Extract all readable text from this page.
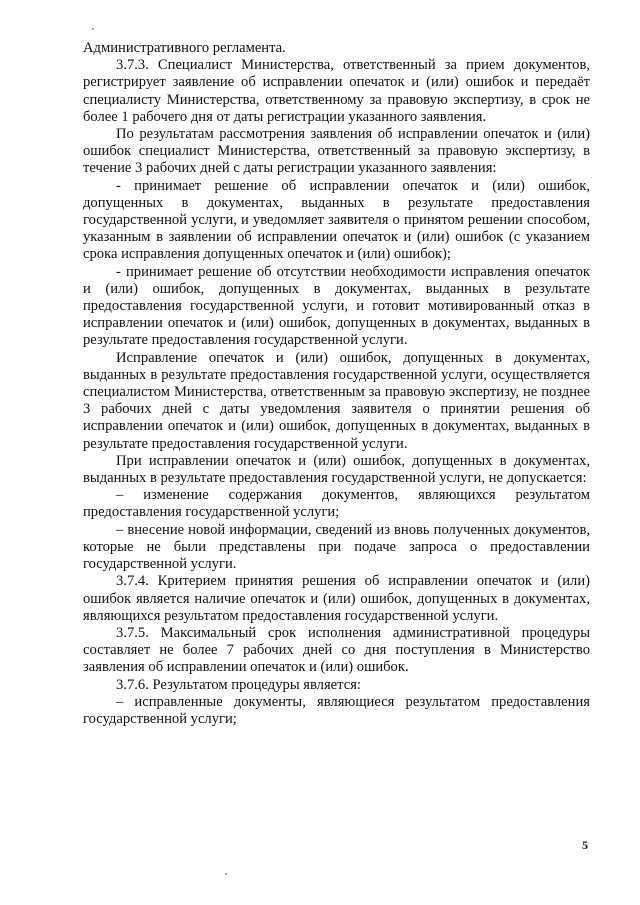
Административного регламента.

3.7.3. Специалист Министерства, ответственный за прием документов, регистрирует заявление об исправлении опечаток и (или) ошибок и передаёт специалисту Министерства, ответственному за правовую экспертизу, в срок не более 1 рабочего дня от даты регистрации указанного заявления.

По результатам рассмотрения заявления об исправлении опечаток и (или) ошибок специалист Министерства, ответственный за правовую экспертизу, в течение 3 рабочих дней с даты регистрации указанного заявления:

- принимает решение об исправлении опечаток и (или) ошибок, допущенных в документах, выданных в результате предоставления государственной услуги, и уведомляет заявителя о принятом решении способом, указанным в заявлении об исправлении опечаток и (или) ошибок (с указанием срока исправления допущенных опечаток и (или) ошибок);

- принимает решение об отсутствии необходимости исправления опечаток и (или) ошибок, допущенных в документах, выданных в результате предоставления государственной услуги, и готовит мотивированный отказ в исправлении опечаток и (или) ошибок, допущенных в документах, выданных в результате предоставления государственной услуги.

Исправление опечаток и (или) ошибок, допущенных в документах, выданных в результате предоставления государственной услуги, осуществляется специалистом Министерства, ответственным за правовую экспертизу, не позднее 3 рабочих дней с даты уведомления заявителя о принятии решения об исправлении опечаток и (или) ошибок, допущенных в документах, выданных в результате предоставления государственной услуги.

При исправлении опечаток и (или) ошибок, допущенных в документах, выданных в результате предоставления государственной услуги, не допускается:

– изменение содержания документов, являющихся результатом предоставления государственной услуги;

– внесение новой информации, сведений из вновь полученных документов, которые не были представлены при подаче запроса о предоставлении государственной услуги.

3.7.4. Критерием принятия решения об исправлении опечаток и (или) ошибок является наличие опечаток и (или) ошибок, допущенных в документах, являющихся результатом предоставления государственной услуги.

3.7.5. Максимальный срок исполнения административной процедуры составляет не более 7 рабочих дней со дня поступления в Министерство заявления об исправлении опечаток и (или) ошибок.

3.7.6. Результатом процедуры является:

– исправленные документы, являющиеся результатом предоставления государственной услуги;

5
